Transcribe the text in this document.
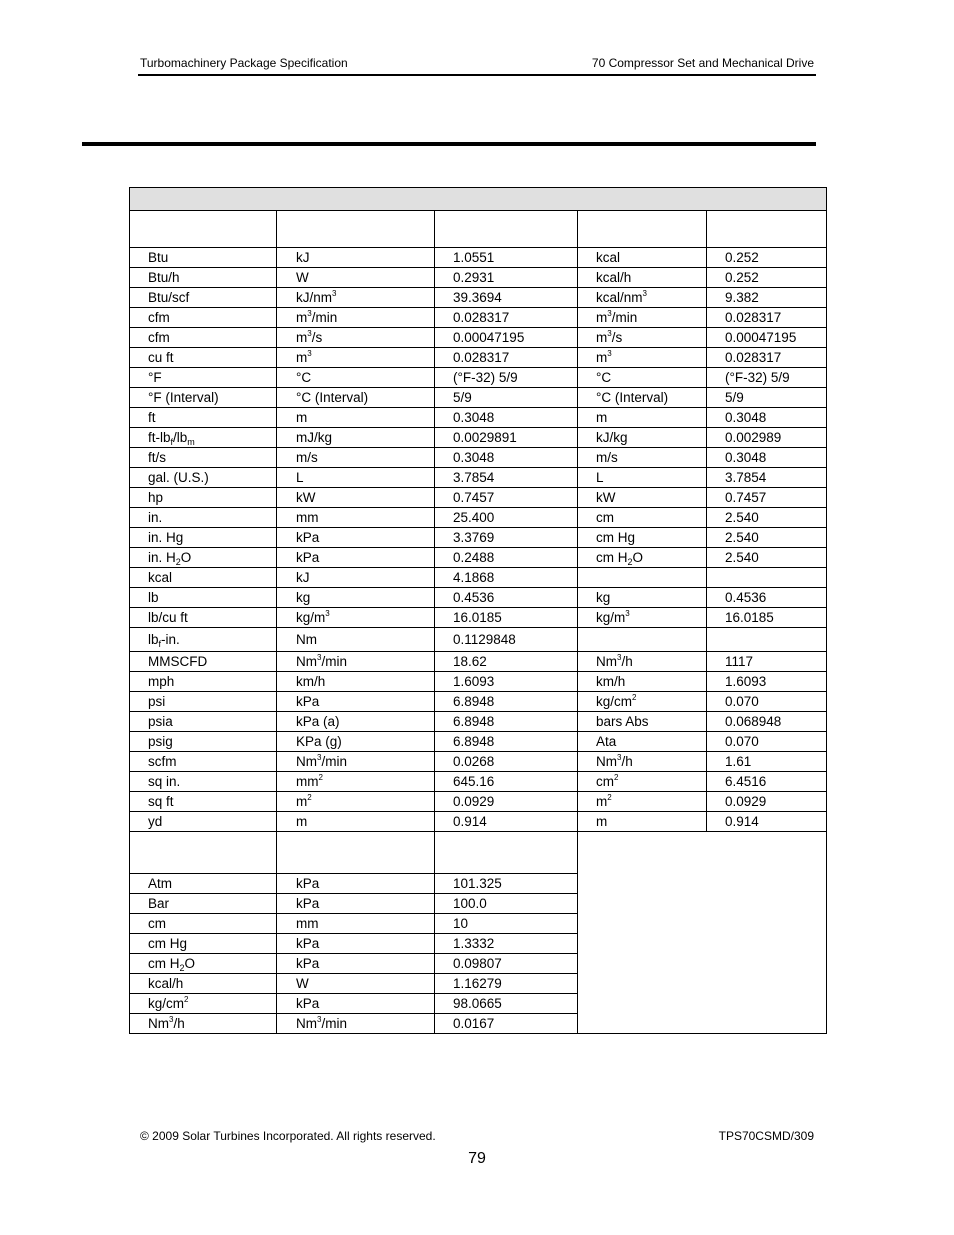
Turbomachinery Package Specification	70 Compressor Set and Mechanical Drive

Btu	kJ	1.0551	kcal	0.252
Btu/h	W	0.2931	kcal/h	0.252
Btu/scf	$kJ/nm^3$	39.3694	kcal/$nm^3$	9.382
cfm	$m^3/\min$	0.028317	$m^3/\min$	0.028317
cfm	$m^3/s$	0.00047195	$m^3/s$	0.00047195
cu ft	$m^3$	0.028317	$m^3$	0.028317
°F	°C	(°F-32) 5/9	°C	(°F-32) 5/9
°F (Interval)	°C (Interval)	5/9	°C (Interval)	5/9
ft	m	0.3048	m	0.3048
$ft-lb_f/lb_m$	mJ/kg	0.0029891	kJ/kg	0.002989
ft/s	m/s	0.3048	m/s	0.3048
gal. (U.S.)	L	3.7854	L	3.7854
hp	kW	0.7457	kW	0.7457
in.	mm	25.400	cm	2.540
in. Hg	kPa	3.3769	cm Hg	2.540
in. $H_2O$	kPa	0.2488	cm $H_2O$	2.540
kcal	kJ	4.1868		
lb	kg	0.4536	kg	0.4536
lb/cu ft	$kg/m^3$	16.0185	$kg/m^3$	16.0185
$lb_f-in$.	Nm	0.1129848		
MMSCFD	Nm$^3$/min	18.62	Nm$^3$/h	1117
mph	km/h	1.6093	km/h	1.6093
psi	kPa	6.8948	$kg/cm^2$	0.070
psia	kPa (a)	6.8948	bars Abs	0.068948
psig	KPa (g)	6.8948	Ata	0.070
scfm	Nm$^3$/min	0.0268	Nm$^3$/h	1.61
sq in.	$mm^2$	645.16	$cm^2$	6.4516
sq ft	$m^2$	0.0929	$m^2$	0.0929
yd	m	0.914	m	0.914

Atm	kPa	101.325		
Bar	kPa	100.0		
cm	mm	10		
cm Hg	kPa	1.3332		
cm $H_2O$	kPa	0.09807		
kcal/h	W	1.16279		
$kg/cm^2$	kPa	98.0665		
Nm$^3$/h	Nm$^3$/min	0.0167		
© 2009 Solar Turbines Incorporated. All rights reserved.	TPS70CSMD/309
79
